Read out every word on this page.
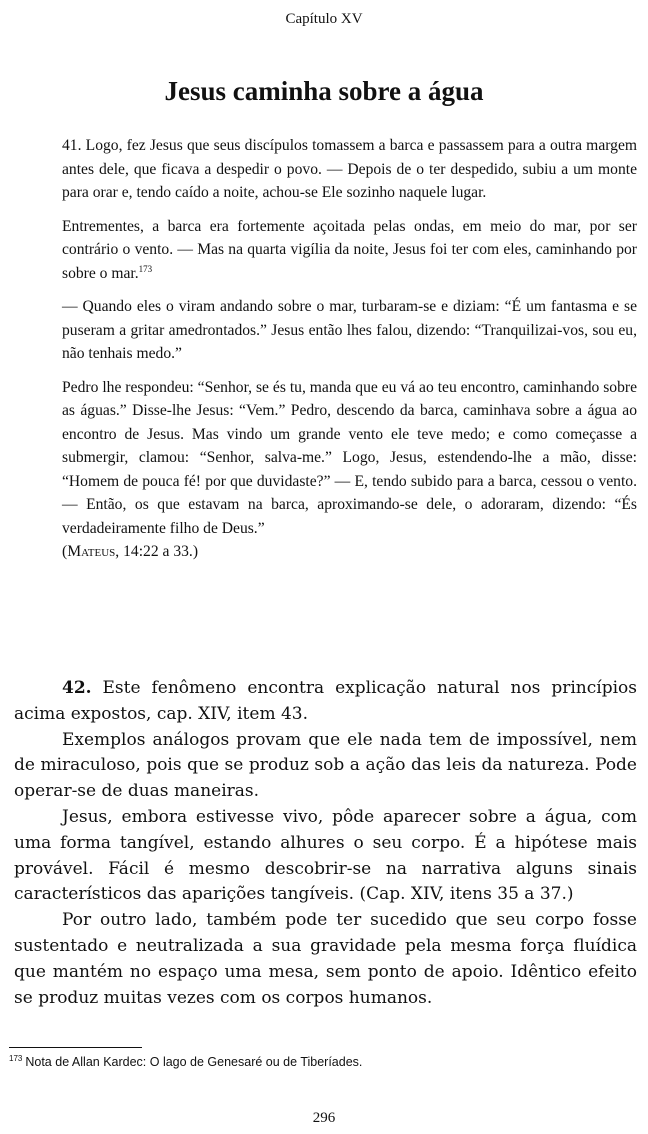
Capítulo XV
Jesus caminha sobre a água

41. Logo, fez Jesus que seus discípulos tomassem a barca e passassem para a outra margem antes dele, que ficava a despedir o povo. — Depois de o ter despedido, subiu a um monte para orar e, tendo caído a noite, achou-se Ele sozinho naquele lugar.

Entrementes, a barca era fortemente açoitada pelas ondas, em meio do mar, por ser contrário o vento. — Mas na quarta vigília da noite, Jesus foi ter com eles, caminhando por sobre o mar.$^{173}$

— Quando eles o viram andando sobre o mar, turbaram-se e diziam: “É um fantasma e se puseram a gritar amedrontados.” Jesus então lhes falou, dizendo: “Tranquilizai-vos, sou eu, não tenhais medo.”

Pedro lhe respondeu: “Senhor, se és tu, manda que eu vá ao teu encontro, caminhando sobre as águas.” Disse-lhe Jesus: “Vem.” Pedro, descendo da barca, caminhava sobre a água ao encontro de Jesus. Mas vindo um grande vento ele teve medo; e como começasse a submergir, clamou: “Senhor, salva-me.” Logo, Jesus, estendendo-lhe a mão, disse: “Homem de pouca fé! por que duvidaste?” — E, tendo subido para a barca, cessou o vento. — Então, os que estavam na barca, aproximando-se dele, o adoraram, dizendo: “És verdadeiramente filho de Deus.”
(Mateus, 14:22 a 33.)

42. Este fenômeno encontra explicação natural nos princípios acima expostos, cap. XIV, item 43.

Exemplos análogos provam que ele nada tem de impossível, nem de miraculoso, pois que se produz sob a ação das leis da natureza. Pode operar-se de duas maneiras.

Jesus, embora estivesse vivo, pôde aparecer sobre a água, com uma forma tangível, estando alhures o seu corpo. É a hipótese mais provável. Fácil é mesmo descobrir-se na narrativa alguns sinais característicos das aparições tangíveis. (Cap. XIV, itens 35 a 37.)

Por outro lado, também pode ter sucedido que seu corpo fosse sustentado e neutralizada a sua gravidade pela mesma força fluídica que mantém no espaço uma mesa, sem ponto de apoio. Idêntico efeito se produz muitas vezes com os corpos humanos.

$^{173}$ Nota de Allan Kardec: O lago de Genesaré ou de Tiberíades.
296
